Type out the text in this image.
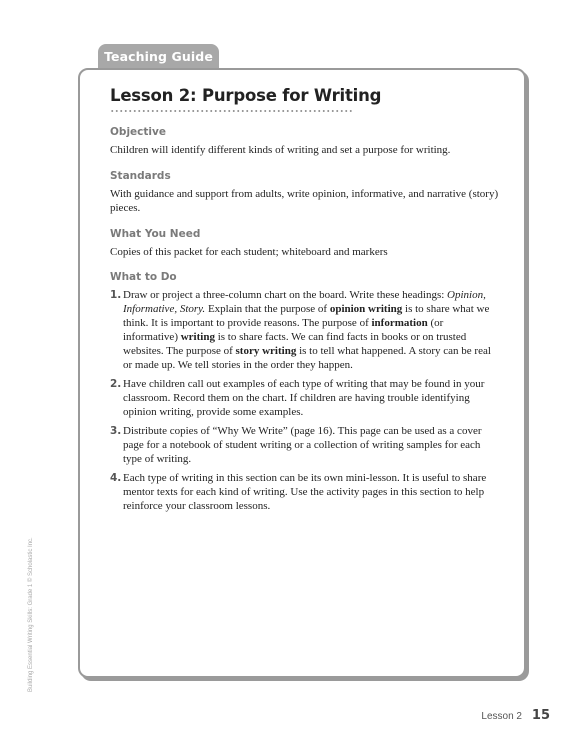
Teaching Guide
Lesson 2: Purpose for Writing
Objective

Children will identify different kinds of writing and set a purpose for writing.

Standards

With guidance and support from adults, write opinion, informative, and narrative (story) pieces.

What You Need

Copies of this packet for each student; whiteboard and markers

What to Do
1. Draw or project a three-column chart on the board. Write these headings: Opinion, Informative, Story. Explain that the purpose of opinion writing is to share what we think. It is important to provide reasons. The purpose of information (or informative) writing is to share facts. We can find facts in books or on trusted websites. The purpose of story writing is to tell what happened. A story can be real or made up. We tell stories in the order they happen.
2. Have children call out examples of each type of writing that may be found in your classroom. Record them on the chart. If children are having trouble identifying opinion writing, provide some examples.
3. Distribute copies of “Why We Write” (page 16). This page can be used as a cover page for a notebook of student writing or a collection of writing samples for each type of writing.
4. Each type of writing in this section can be its own mini-lesson. It is useful to share mentor texts for each kind of writing. Use the activity pages in this section to help reinforce your classroom lessons.
Building Essential Writing Skills: Grade 1 © Scholastic Inc.
Lesson 2 15
